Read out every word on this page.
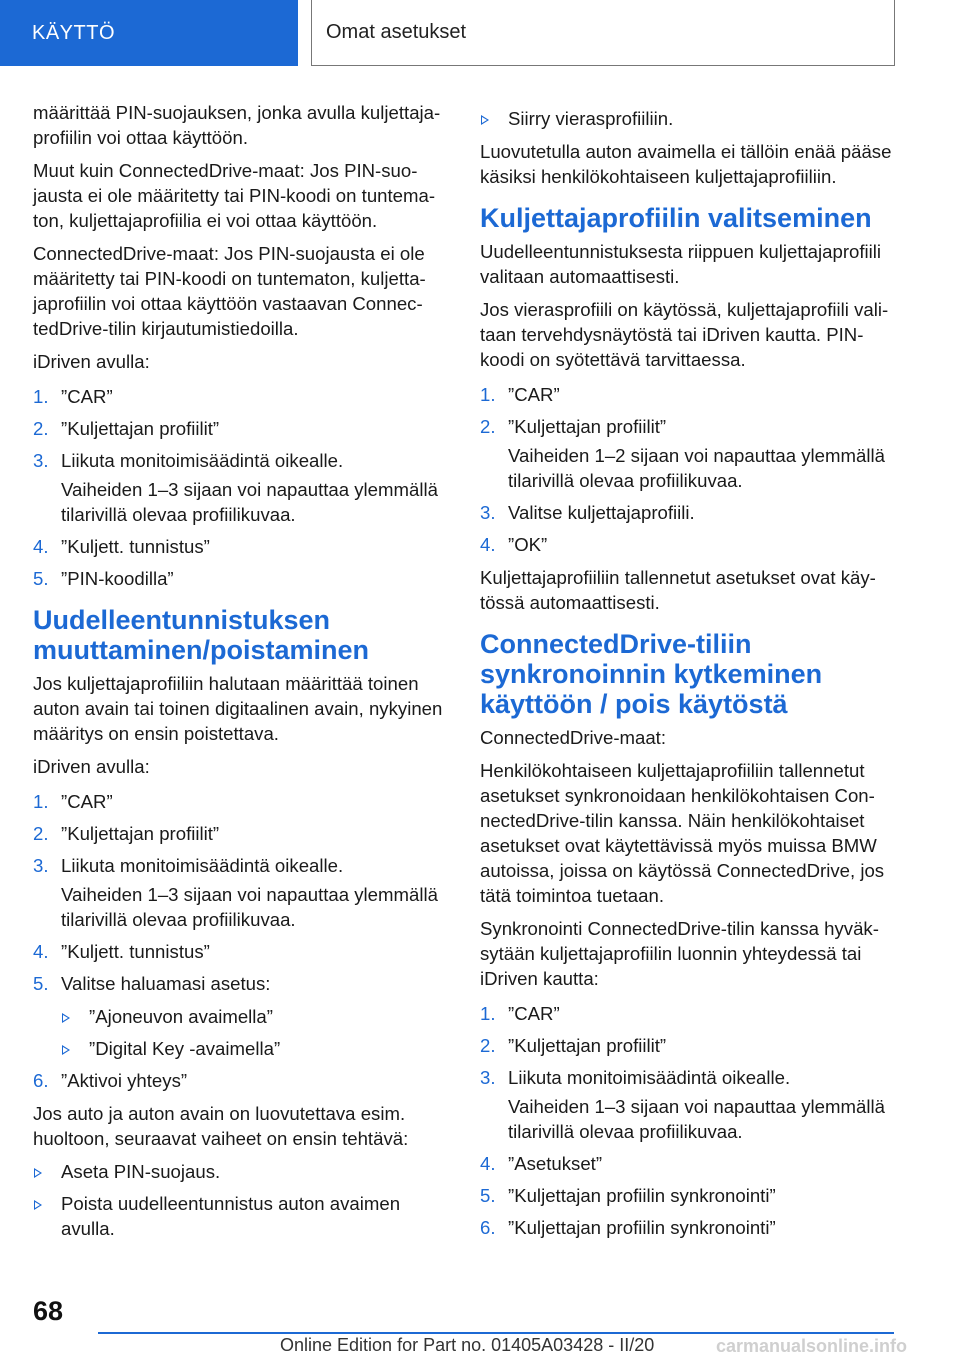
KÄYTTÖ	Omat asetukset

määrittää PIN-suojauksen, jonka avulla kuljettajaprofiilin voi ottaa käyttöön.

Muut kuin ConnectedDrive-maat: Jos PIN-suojausta ei ole määritetty tai PIN-koodi on tuntematon, kuljettajaprofiilia ei voi ottaa käyttöön.

ConnectedDrive-maat: Jos PIN-suojausta ei ole määritetty tai PIN-koodi on tuntematon, kuljettajaprofiilin voi ottaa käyttöön vastaavan ConnectedDrive-tilin kirjautumistiedoilla.

iDriven avulla:

1. ”CAR”
2. ”Kuljettajan profiilit”
3. Liikuta monitoimisäädintä oikealle.
Vaiheiden 1–3 sijaan voi napauttaa ylemmällä tilarivillä olevaa profiilikuvaa.
4. ”Kuljett. tunnistus”
5. ”PIN-koodilla”
Uudelleentunnistuksen muuttaminen/poistaminen

Jos kuljettajaprofiiliin halutaan määrittää toinen auton avain tai toinen digitaalinen avain, nykyinen määritys on ensin poistettava.

iDriven avulla:

1. ”CAR”
2. ”Kuljettajan profiilit”
3. Liikuta monitoimisäädintä oikealle.
Vaiheiden 1–3 sijaan voi napauttaa ylemmällä tilarivillä olevaa profiilikuvaa.
4. ”Kuljett. tunnistus”
5. Valitse haluamasi asetus:
”Ajoneuvon avaimella”
”Digital Key -avaimella”
6. ”Aktivoi yhteys”

Jos auto ja auton avain on luovutettava esim. huoltoon, seuraavat vaiheet on ensin tehtävä:

Aseta PIN-suojaus.
Poista uudelleentunnistus auton avaimen avulla.
Siirry vierasprofiiliin.

Luovutetulla auton avaimella ei tällöin enää pääse käsiksi henkilökohtaiseen kuljettajaprofiiliin.

Kuljettajaprofiilin valitseminen

Uudelleentunnistuksesta riippuen kuljettajaprofiili valitaan automaattisesti.

Jos vierasprofiili on käytössä, kuljettajaprofiili valitaan tervehdysnäytöstä tai iDriven kautta. PIN-koodi on syötettävä tarvittaessa.

1. ”CAR”
2. ”Kuljettajan profiilit”
Vaiheiden 1–2 sijaan voi napauttaa ylemmällä tilarivillä olevaa profiilikuvaa.
3. Valitse kuljettajaprofiili.
4. ”OK”

Kuljettajaprofiiliin tallennetut asetukset ovat käytössä automaattisesti.

ConnectedDrive-tiliin synkronoinnin kytkeminen käyttöön / pois käytöstä

ConnectedDrive-maat:

Henkilökohtaiseen kuljettajaprofiiliin tallennetut asetukset synkronoidaan henkilökohtaisen ConnectedDrive-tilin kanssa. Näin henkilökohtaiset asetukset ovat käytettävissä myös muissa BMW autoissa, joissa on käytössä ConnectedDrive, jos tätä toimintoa tuetaan.

Synkronointi ConnectedDrive-tilin kanssa hyväksytään kuljettajaprofiilin luonnin yhteydessä tai iDriven kautta:

1. ”CAR”
2. ”Kuljettajan profiilit”
3. Liikuta monitoimisäädintä oikealle.
Vaiheiden 1–3 sijaan voi napauttaa ylemmällä tilarivillä olevaa profiilikuvaa.
4. ”Asetukset”
5. ”Kuljettajan profiilin synkronointi”
6. ”Kuljettajan profiilin synkronointi”
68
Online Edition for Part no. 01405A03428 - II/20	carmanualsonline.info
